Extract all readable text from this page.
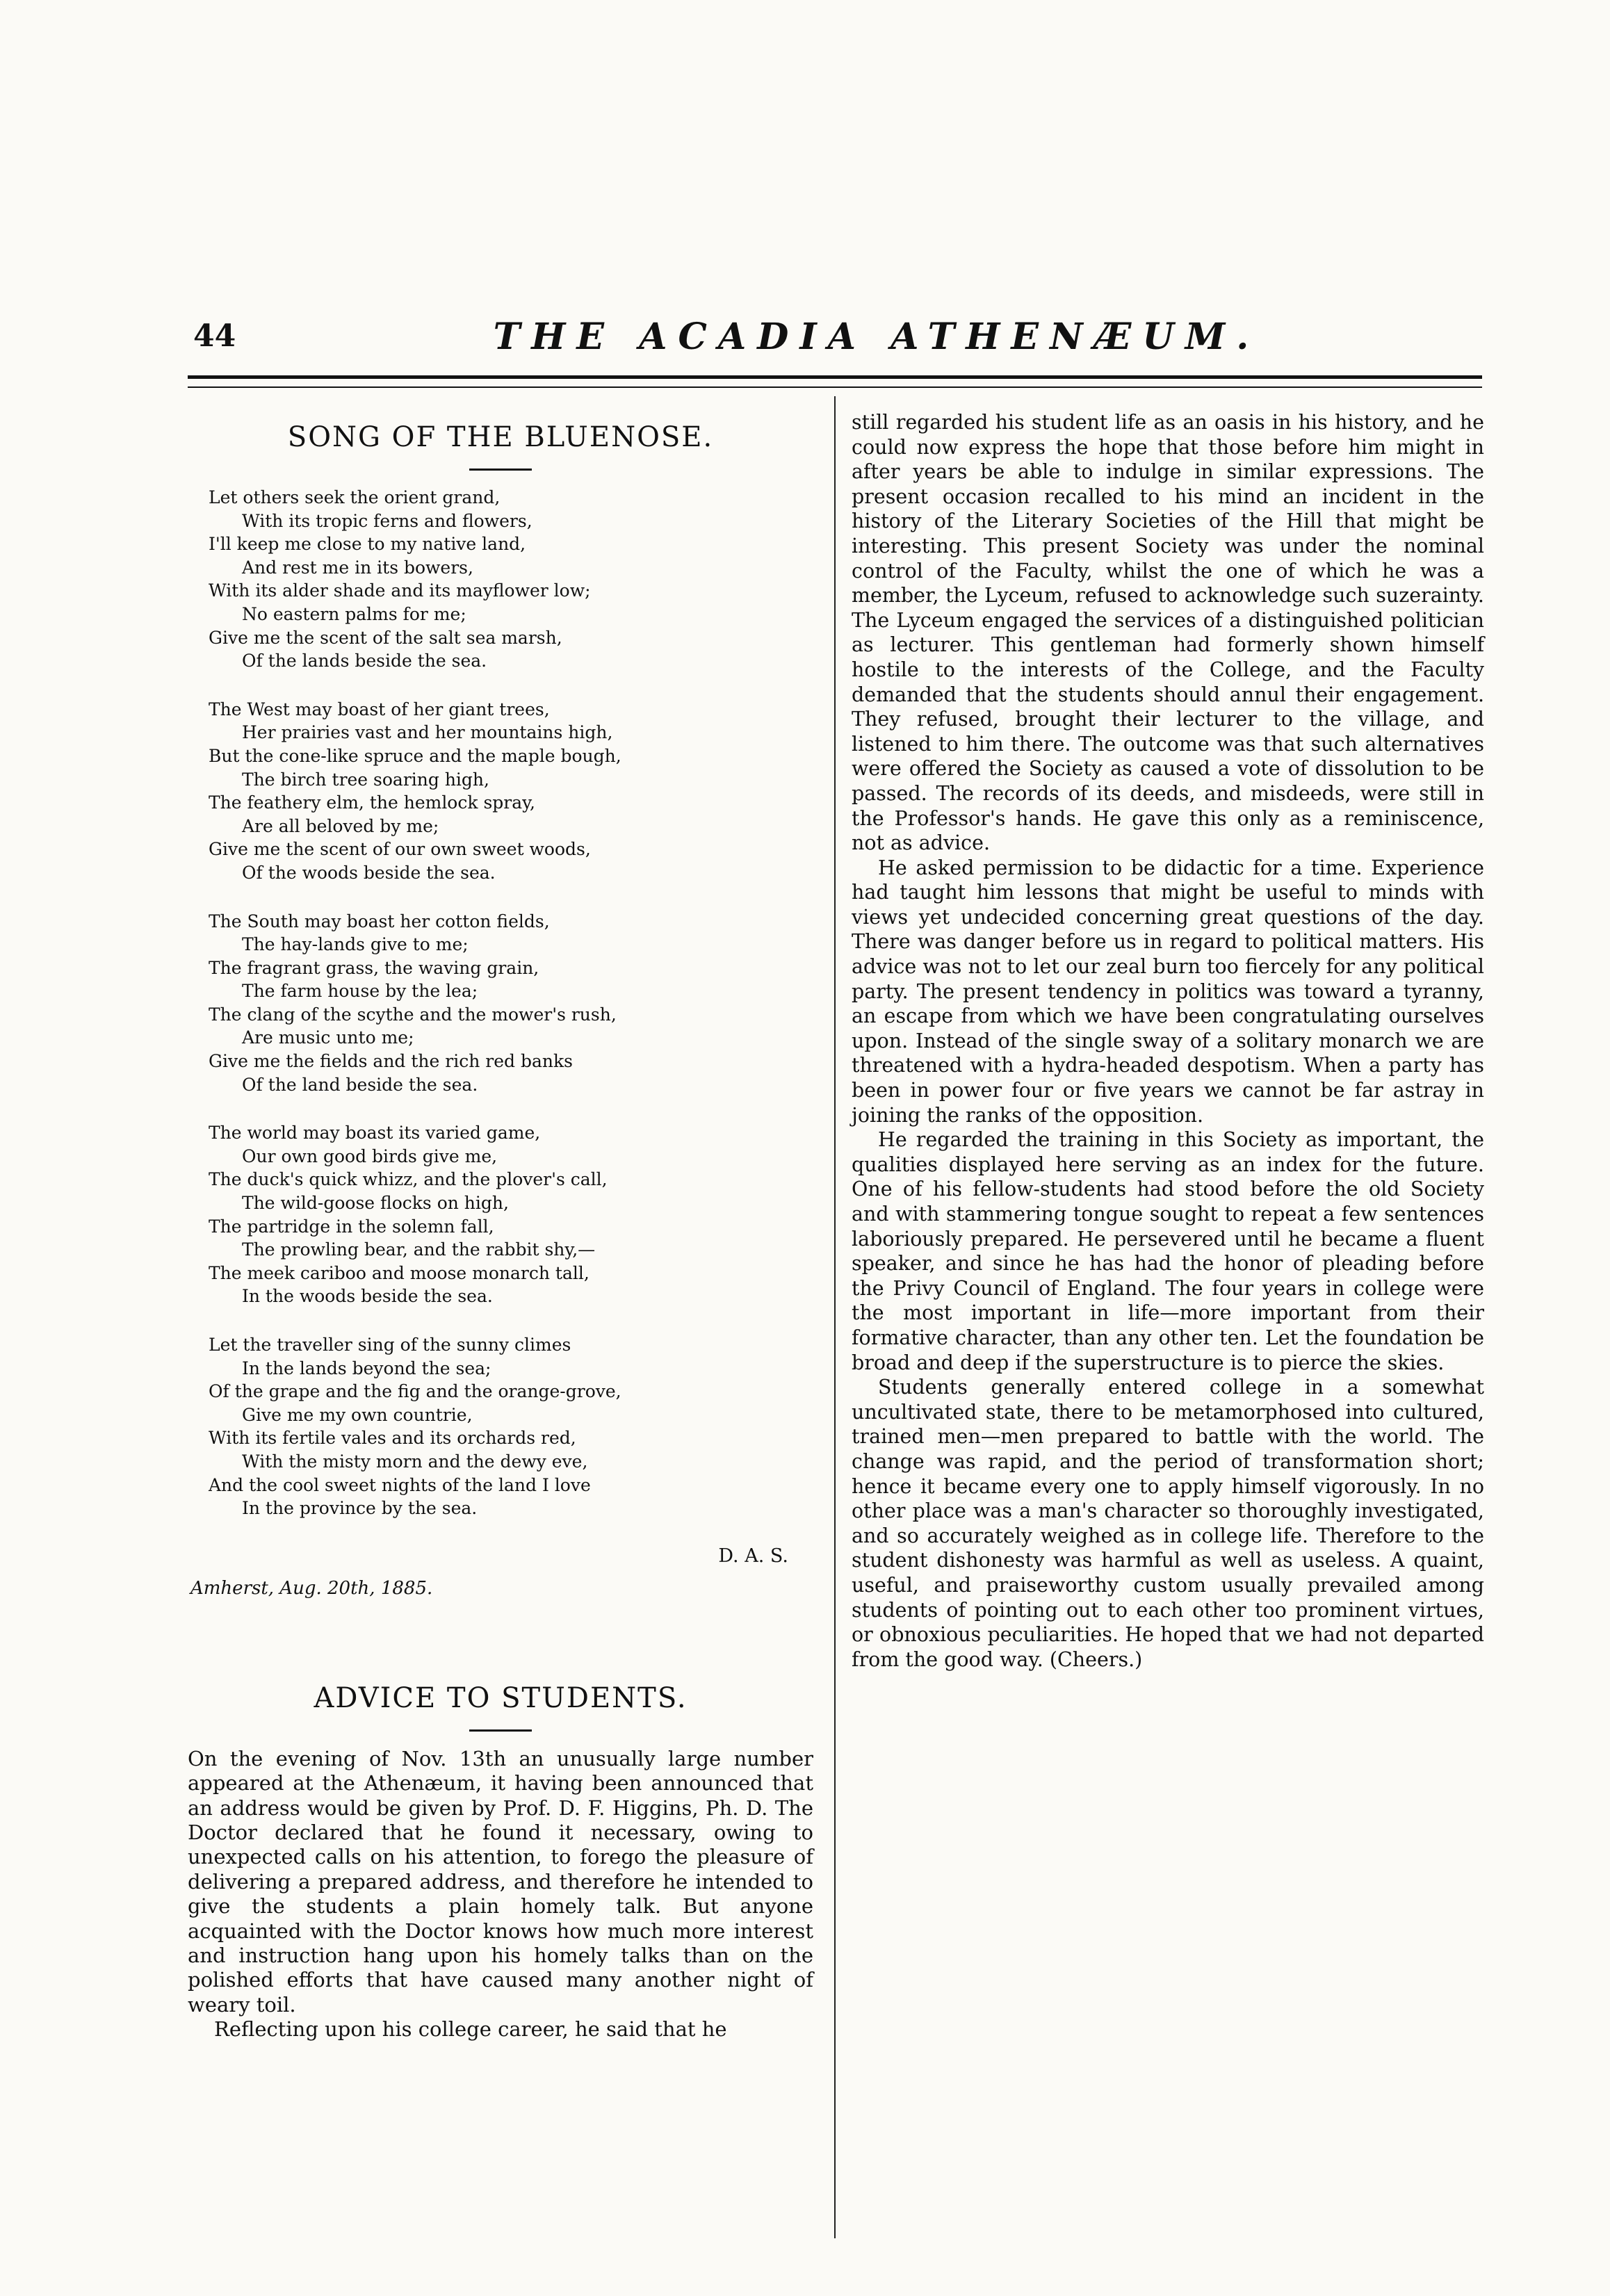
44	THE ACADIA ATHENÆUM.
SONG OF THE BLUENOSE.
Let others seek the orient grand,
With its tropic ferns and flowers,
I'll keep me close to my native land,
And rest me in its bowers,
With its alder shade and its mayflower low;
No eastern palms for me;
Give me the scent of the salt sea marsh,
Of the lands beside the sea.
The West may boast of her giant trees,
Her prairies vast and her mountains high,
But the cone-like spruce and the maple bough,
The birch tree soaring high,
The feathery elm, the hemlock spray,
Are all beloved by me;
Give me the scent of our own sweet woods,
Of the woods beside the sea.
The South may boast her cotton fields,
The hay-lands give to me;
The fragrant grass, the waving grain,
The farm house by the lea;
The clang of the scythe and the mower's rush,
Are music unto me;
Give me the fields and the rich red banks
Of the land beside the sea.
The world may boast its varied game,
Our own good birds give me,
The duck's quick whizz, and the plover's call,
The wild-goose flocks on high,
The partridge in the solemn fall,
The prowling bear, and the rabbit shy,—
The meek cariboo and moose monarch tall,
In the woods beside the sea.
Let the traveller sing of the sunny climes
In the lands beyond the sea;
Of the grape and the fig and the orange-grove,
Give me my own countrie,
With its fertile vales and its orchards red,
With the misty morn and the dewy eve,
And the cool sweet nights of the land I love
In the province by the sea.
D. A. S.
Amherst, Aug. 20th, 1885.
ADVICE TO STUDENTS.

On the evening of Nov. 13th an unusually large number appeared at the Athenæum, it having been announced that an address would be given by Prof. D. F. Higgins, Ph. D. The Doctor declared that he found it necessary, owing to unexpected calls on his attention, to forego the pleasure of delivering a prepared address, and therefore he intended to give the students a plain homely talk. But anyone acquainted with the Doctor knows how much more interest and instruction hang upon his homely talks than on the polished efforts that have caused many another night of weary toil.

Reflecting upon his college career, he said that he

still regarded his student life as an oasis in his history, and he could now express the hope that those before him might in after years be able to indulge in similar expressions. The present occasion recalled to his mind an incident in the history of the Literary Societies of the Hill that might be interesting. This present Society was under the nominal control of the Faculty, whilst the one of which he was a member, the Lyceum, refused to acknowledge such suzerainty. The Lyceum engaged the services of a distinguished politician as lecturer. This gentleman had formerly shown himself hostile to the interests of the College, and the Faculty demanded that the students should annul their engagement. They refused, brought their lecturer to the village, and listened to him there. The outcome was that such alternatives were offered the Society as caused a vote of dissolution to be passed. The records of its deeds, and misdeeds, were still in the Professor's hands. He gave this only as a reminiscence, not as advice.

He asked permission to be didactic for a time. Experience had taught him lessons that might be useful to minds with views yet undecided concerning great questions of the day. There was danger before us in regard to political matters. His advice was not to let our zeal burn too fiercely for any political party. The present tendency in politics was toward a tyranny, an escape from which we have been congratulating ourselves upon. Instead of the single sway of a solitary monarch we are threatened with a hydra-headed despotism. When a party has been in power four or five years we cannot be far astray in joining the ranks of the opposition.

He regarded the training in this Society as important, the qualities displayed here serving as an index for the future. One of his fellow-students had stood before the old Society and with stammering tongue sought to repeat a few sentences laboriously prepared. He persevered until he became a fluent speaker, and since he has had the honor of pleading before the Privy Council of England. The four years in college were the most important in life—more important from their formative character, than any other ten. Let the foundation be broad and deep if the superstructure is to pierce the skies.

Students generally entered college in a somewhat uncultivated state, there to be metamorphosed into cultured, trained men—men prepared to battle with the world. The change was rapid, and the period of transformation short; hence it became every one to apply himself vigorously. In no other place was a man's character so thoroughly investigated, and so accurately weighed as in college life. Therefore to the student dishonesty was harmful as well as useless. A quaint, useful, and praiseworthy custom usually prevailed among students of pointing out to each other too prominent virtues, or obnoxious peculiarities. He hoped that we had not departed from the good way. (Cheers.)
